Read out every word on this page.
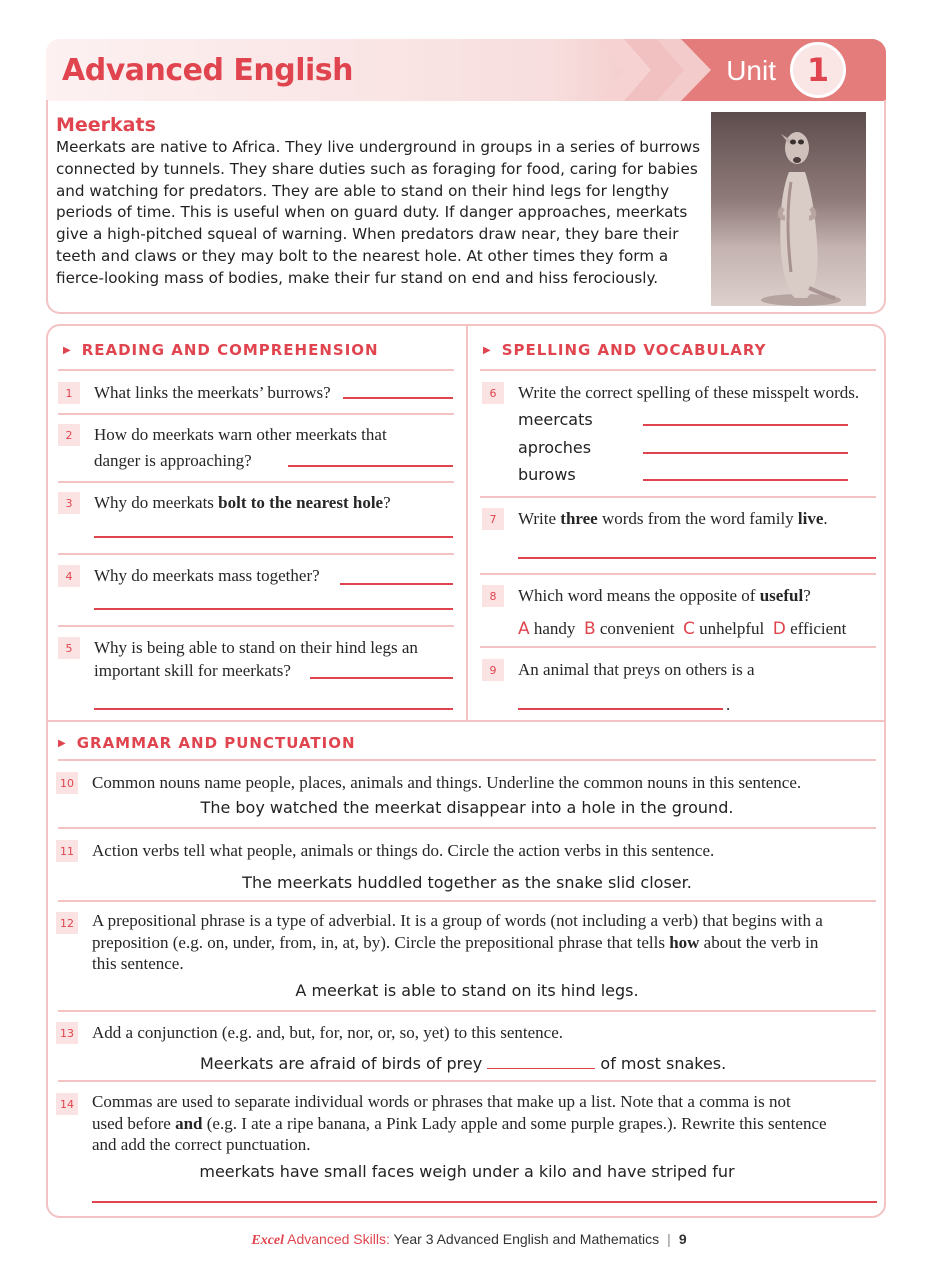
Advanced English	Unit 1
Meerkats
Meerkats are native to Africa. They live underground in groups in a series of burrows connected by tunnels. They share duties such as foraging for food, caring for babies and watching for predators. They are able to stand on their hind legs for lengthy periods of time. This is useful when on guard duty. If danger approaches, meerkats give a high-pitched squeal of warning. When predators draw near, they bare their teeth and claws or they may bolt to the nearest hole. At other times they form a fierce-looking mass of bodies, make their fur stand on end and hiss ferociously.
▶ READING AND COMPREHENSION
1	What links the meerkats’ burrows?
2	How do meerkats warn other meerkats that
danger is approaching?
3	Why do meerkats bolt to the nearest hole?
4	Why do meerkats mass together?
5	Why is being able to stand on their hind legs an
important skill for meerkats?
▶ SPELLING AND VOCABULARY
6	Write the correct spelling of these misspelt words.
meercats
aproches
burows
7	Write three words from the word family live.
8	Which word means the opposite of useful?
A handy B convenient C unhelpful D efficient
9	An animal that preys on others is a
.
▶ GRAMMAR AND PUNCTUATION
10 Common nouns name people, places, animals and things. Underline the common nouns in this sentence.
The boy watched the meerkat disappear into a hole in the ground.
11 Action verbs tell what people, animals or things do. Circle the action verbs in this sentence.
The meerkats huddled together as the snake slid closer.
12 A prepositional phrase is a type of adverbial. It is a group of words (not including a verb) that begins with a
preposition (e.g. on, under, from, in, at, by). Circle the prepositional phrase that tells how about the verb in
this sentence.
A meerkat is able to stand on its hind legs.
13 Add a conjunction (e.g. and, but, for, nor, or, so, yet) to this sentence.
Meerkats are afraid of birds of prey	of most snakes.
14 Commas are used to separate individual words or phrases that make up a list. Note that a comma is not
used before and (e.g. I ate a ripe banana, a Pink Lady apple and some purple grapes.). Rewrite this sentence
and add the correct punctuation.
meerkats have small faces weigh under a kilo and have striped fur
Excel Advanced Skills: Year 3 Advanced English and Mathematics | 9
